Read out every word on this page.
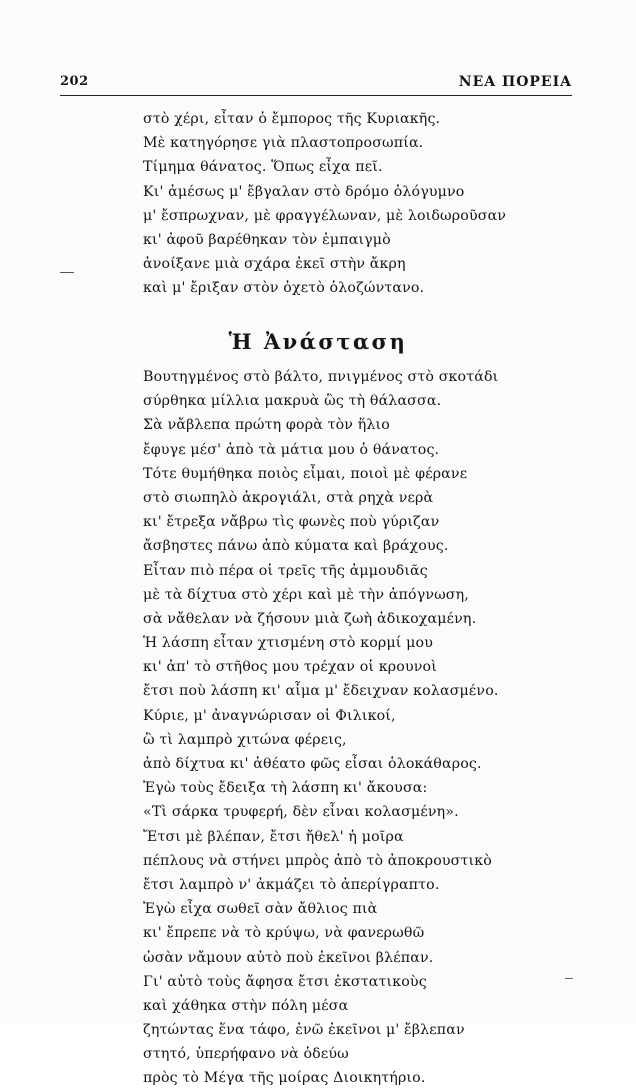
202	ΝΕΑ ΠΟΡΕΙΑ
στὸ χέρι, εἶταν ὁ ἔμπορος τῆς Κυριακῆς.
Μὲ κατηγόρησε γιὰ πλαστοπροσωπία.
Τίμημα θάνατος. Ὅπως εἶχα πεῖ.
Κι' ἀμέσως μ' ἔβγαλαν στὸ δρόμο ὁλόγυμνο
μ' ἔσπρωχναν, μὲ φραγγέλωναν, μὲ λοιδωροῦσαν
κι' ἀφοῦ βαρέθηκαν τὸν ἐμπαιγμὸ
ἀνοίξανε μιὰ σχάρα ἐκεῖ στὴν ἄκρη
καὶ μ' ἔριξαν στὸν ὀχετὸ ὁλοζώντανο.
Ἡ Ἀνάσταση
Βουτηγμένος στὸ βάλτο, πνιγμένος στὸ σκοτάδι
σύρθηκα μίλλια μακρυὰ ὣς τὴ θάλασσα.
Σὰ νἄβλεπα πρώτη φορὰ τὸν ἥλιο
ἔφυγε μέσ' ἀπὸ τὰ μάτια μου ὁ θάνατος.
Τότε θυμήθηκα ποιὸς εἶμαι, ποιοὶ μὲ φέρανε
στὸ σιωπηλὸ ἀκρογιάλι, στὰ ρηχὰ νερὰ
κι' ἔτρεξα νἄβρω τὶς φωνὲς ποὺ γύριζαν
ἄσβηστες πάνω ἀπὸ κύματα καὶ βράχους.
Εἶταν πιὸ πέρα οἱ τρεῖς τῆς ἀμμουδιᾶς
μὲ τὰ δίχτυα στὸ χέρι καὶ μὲ τὴν ἀπόγνωση,
σὰ νἄθελαν νὰ ζήσουν μιὰ ζωὴ ἀδικοχαμένη.
Ἡ λάσπη εἶταν χτισμένη στὸ κορμί μου
κι' ἀπ' τὸ στῆθος μου τρέχαν οἱ κρουνοὶ
ἔτσι ποὺ λάσπη κι' αἷμα μ' ἔδειχναν κολασμένο.
Κύριε, μ' ἀναγνώρισαν οἱ Φιλικοί,
ὢ τὶ λαμπρὸ χιτώνα φέρεις,
ἀπὸ δίχτυα κι' ἀθέατο φῶς εἶσαι ὁλοκάθαρος.
Ἐγὼ τοὺς ἔδειξα τὴ λάσπη κι' ἄκουσα:
«Τὶ σάρκα τρυφερή, δὲν εἶναι κολασμένη».
Ἔτσι μὲ βλέπαν, ἔτσι ἤθελ' ἡ μοῖρα
πέπλους νὰ στήνει μπρὸς ἀπὸ τὸ ἀποκρουστικὸ
ἔτσι λαμπρὸ ν' ἀκμάζει τὸ ἀπερίγραπτο.
Ἐγὼ εἶχα σωθεῖ σὰν ἄθλιος πιὰ
κι' ἔπρεπε νὰ τὸ κρύψω, νὰ φανερωθῶ
ὡσὰν νἄμουν αὐτὸ ποὺ ἐκεῖνοι βλέπαν.
Γι' αὐτὸ τοὺς ἄφησα ἔτσι ἐκστατικοὺς
καὶ χάθηκα στὴν πόλη μέσα
ζητώντας ἕνα τάφο, ἐνῶ ἐκεῖνοι μ' ἔβλεπαν
στητό, ὑπερήφανο νὰ ὁδεύω
πρὸς τὸ Μέγα τῆς μοίρας Διοικητήριο.
